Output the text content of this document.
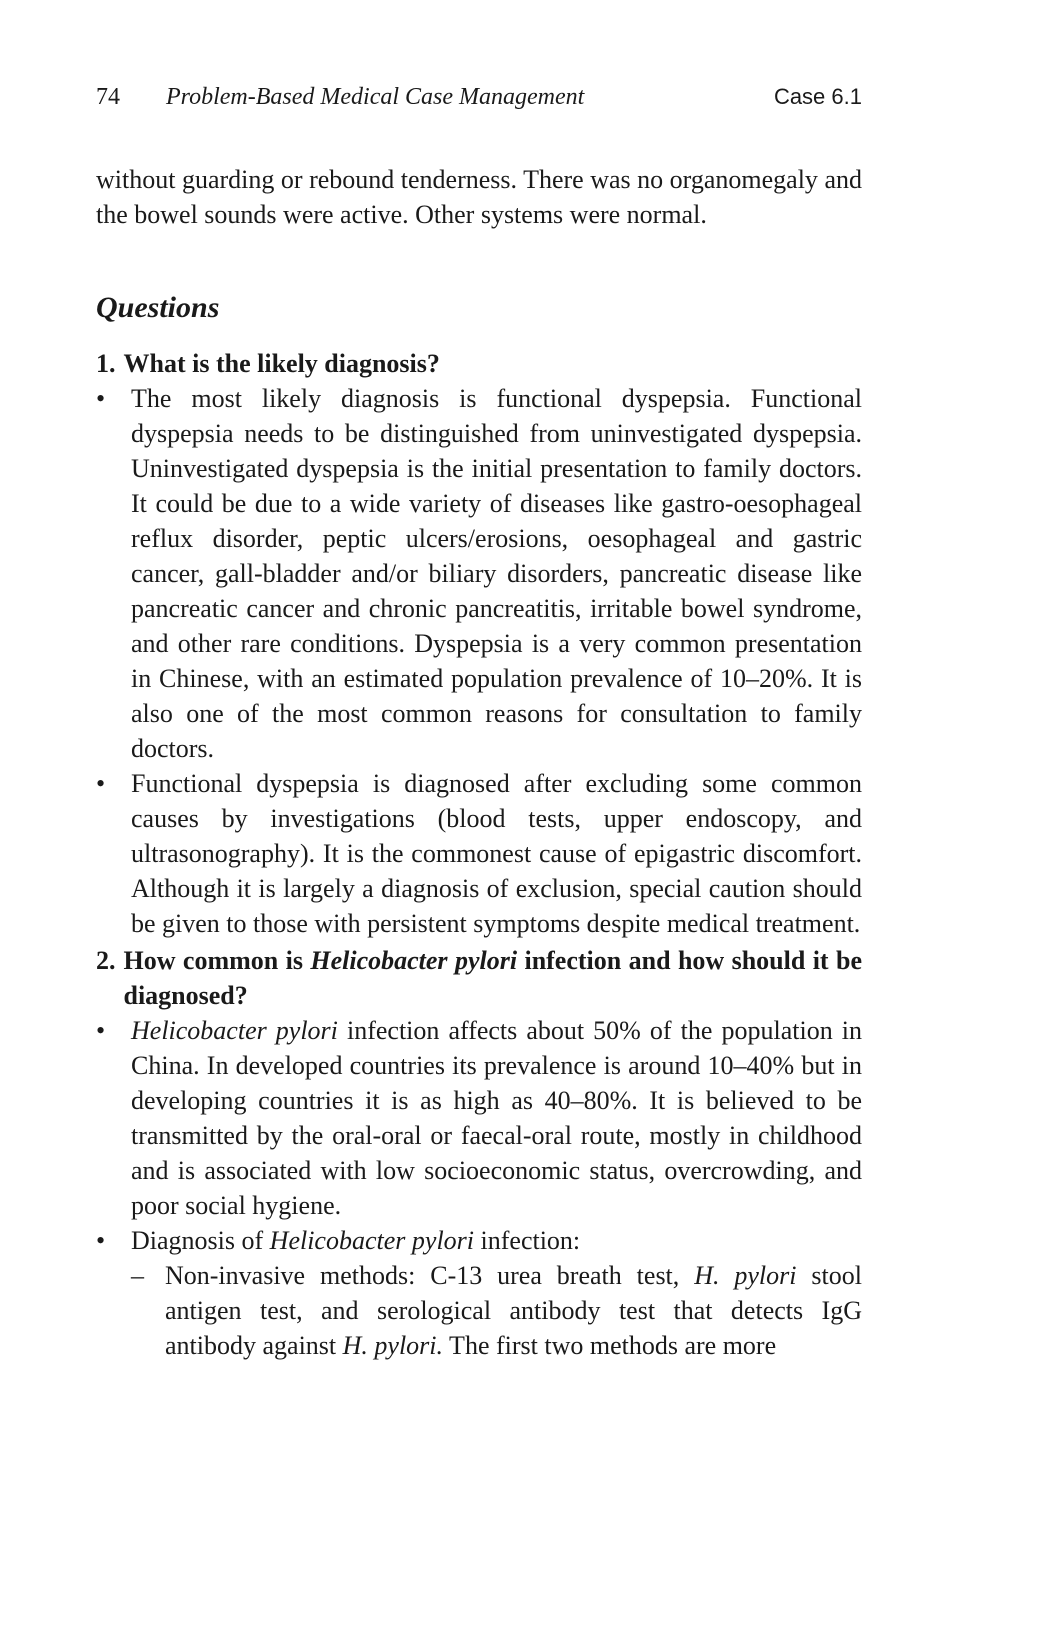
74 Problem-Based Medical Case Management	Case 6.1

without guarding or rebound tenderness. There was no organomegaly and the bowel sounds were active. Other systems were normal.

Questions
1. What is the likely diagnosis?
• The most likely diagnosis is functional dyspepsia. Functional dyspepsia needs to be distinguished from uninvestigated dyspepsia. Uninvestigated dyspepsia is the initial presentation to family doctors. It could be due to a wide variety of diseases like gastro-oesophageal reflux disorder, peptic ulcers/erosions, oesophageal and gastric cancer, gall-bladder and/or biliary disorders, pancreatic disease like pancreatic cancer and chronic pancreatitis, irritable bowel syndrome, and other rare conditions. Dyspepsia is a very common presentation in Chinese, with an estimated population prevalence of 10–20%. It is also one of the most common reasons for consultation to family doctors.
• Functional dyspepsia is diagnosed after excluding some common causes by investigations (blood tests, upper endoscopy, and ultrasonography). It is the commonest cause of epigastric discomfort. Although it is largely a diagnosis of exclusion, special caution should be given to those with persistent symptoms despite medical treatment.
2. How common is Helicobacter pylori infection and how should it be diagnosed?
• Helicobacter pylori infection affects about 50% of the population in China. In developed countries its prevalence is around 10–40% but in developing countries it is as high as 40–80%. It is believed to be transmitted by the oral-oral or faecal-oral route, mostly in childhood and is associated with low socioeconomic status, overcrowding, and poor social hygiene.
• Diagnosis of Helicobacter pylori infection:
– Non-invasive methods: C-13 urea breath test, H. pylori stool antigen test, and serological antibody test that detects IgG antibody against H. pylori. The first two methods are more
